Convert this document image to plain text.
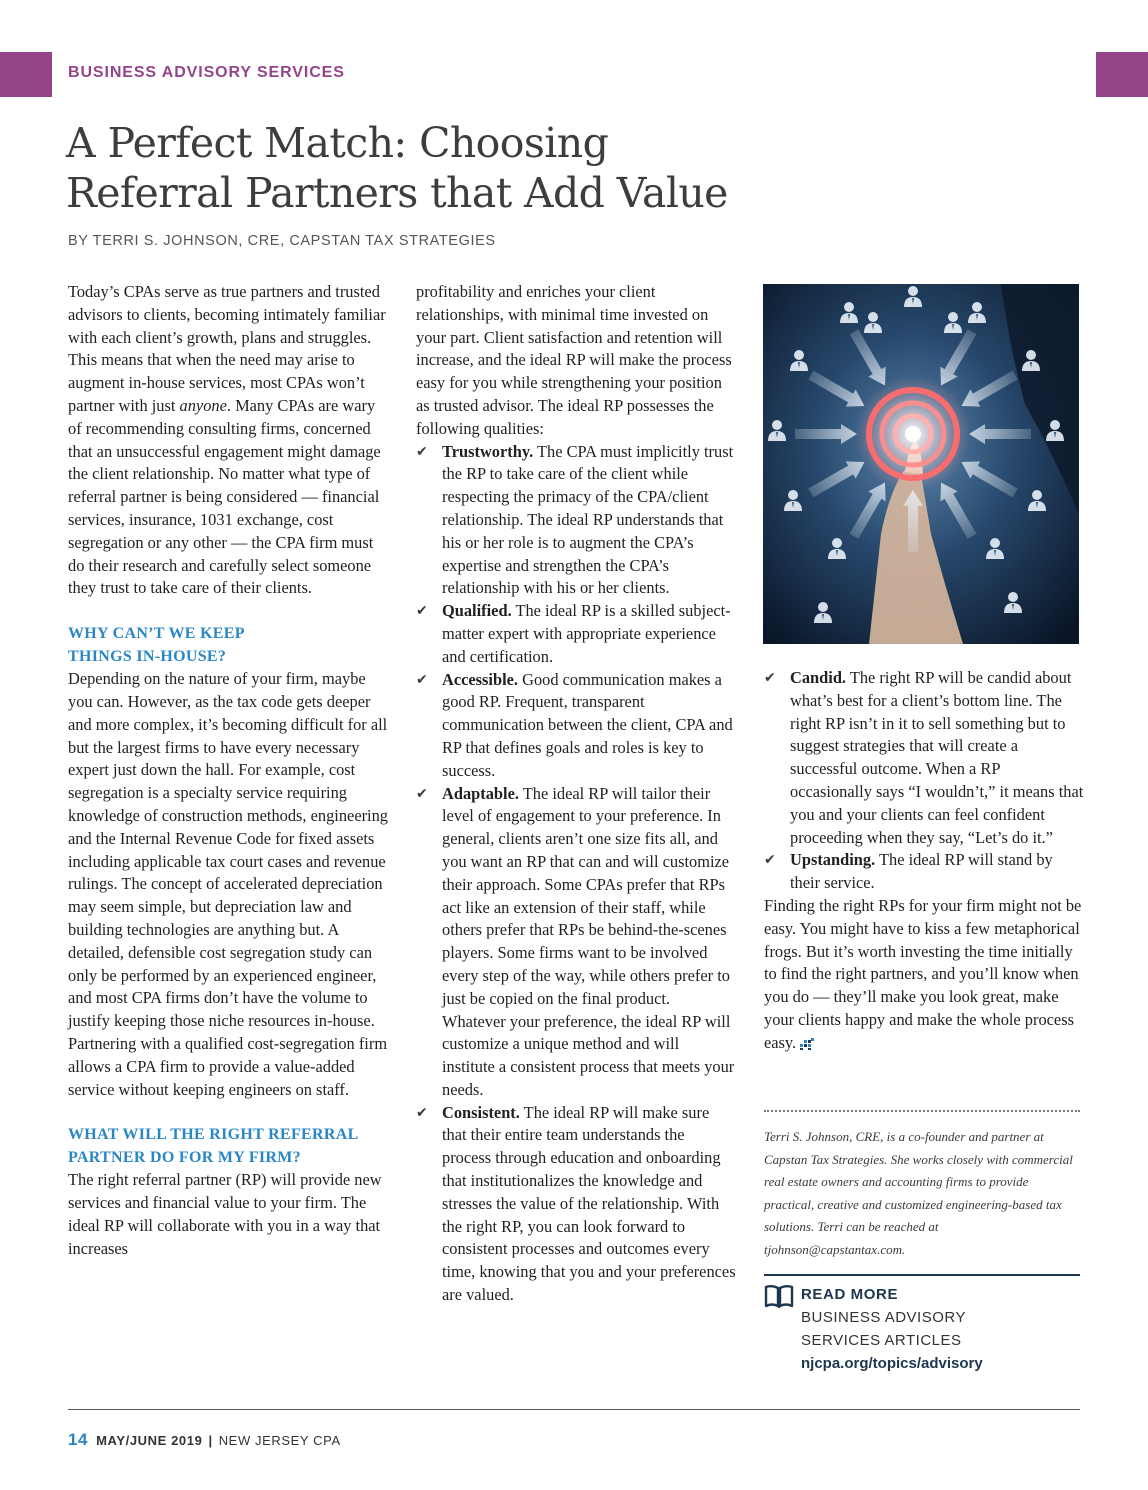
BUSINESS ADVISORY SERVICES
A Perfect Match: Choosing
Referral Partners that Add Value
BY TERRI S. JOHNSON, CRE, CAPSTAN TAX STRATEGIES

Today’s CPAs serve as true partners and trusted advisors to clients, becoming intimately familiar with each client’s growth, plans and struggles. This means that when the need may arise to augment in-house services, most CPAs won’t partner with just anyone. Many CPAs are wary of recommending consulting firms, concerned that an unsuccessful engagement might damage the client relationship. No matter what type of referral partner is being considered — financial services, insurance, 1031 exchange, cost segregation or any other — the CPA firm must do their research and carefully select someone they trust to take care of their clients.

WHY CAN’T WE KEEP
THINGS IN-HOUSE?

Depending on the nature of your firm, maybe you can. However, as the tax code gets deeper and more complex, it’s becoming difficult for all but the largest firms to have every necessary expert just down the hall. For example, cost segregation is a specialty service requiring knowledge of construction methods, engineering and the Internal Revenue Code for fixed assets including applicable tax court cases and revenue rulings. The concept of accelerated depreciation may seem simple, but depreciation law and building technologies are anything but. A detailed, defensible cost segregation study can only be performed by an experienced engineer, and most CPA firms don’t have the volume to justify keeping those niche resources in-house. Partnering with a qualified cost-segregation firm allows a CPA firm to provide a value-added service without keeping engineers on staff.

WHAT WILL THE RIGHT REFERRAL
PARTNER DO FOR MY FIRM?

The right referral partner (RP) will provide new services and financial value to your firm. The ideal RP will collaborate with you in a way that increases

profitability and enriches your client relationships, with minimal time invested on your part. Client satisfaction and retention will increase, and the ideal RP will make the process easy for you while strengthening your position as trusted advisor. The ideal RP possesses the following qualities:

✔ Trustworthy. The CPA must implicitly trust the RP to take care of the client while respecting the primacy of the CPA/client relationship. The ideal RP understands that his or her role is to augment the CPA’s expertise and strengthen the CPA’s relationship with his or her clients.
✔ Qualified. The ideal RP is a skilled subject-matter expert with appropriate experience and certification.
✔ Accessible. Good communication makes a good RP. Frequent, transparent communication between the client, CPA and RP that defines goals and roles is key to success.
✔ Adaptable. The ideal RP will tailor their level of engagement to your preference. In general, clients aren’t one size fits all, and you want an RP that can and will customize their approach. Some CPAs prefer that RPs act like an extension of their staff, while others prefer that RPs be behind-the-scenes players. Some firms want to be involved every step of the way, while others prefer to just be copied on the final product. Whatever your preference, the ideal RP will customize a unique method and will institute a consistent process that meets your needs.
✔ Consistent. The ideal RP will make sure that their entire team understands the process through education and onboarding that institutionalizes the knowledge and stresses the value of the relationship. With the right RP, you can look forward to consistent processes and outcomes every time, knowing that you and your preferences are valued.
✔ Candid. The right RP will be candid about what’s best for a client’s bottom line. The right RP isn’t in it to sell something but to suggest strategies that will create a successful outcome. When a RP occasionally says “I wouldn’t,” it means that you and your clients can feel confident proceeding when they say, “Let’s do it.”
✔ Upstanding. The ideal RP will stand by their service.

Finding the right RPs for your firm might not be easy. You might have to kiss a few metaphorical frogs. But it’s worth investing the time initially to find the right partners, and you’ll know when you do — they’ll make you look great, make your clients happy and make the whole process easy.

Terri S. Johnson, CRE, is a co-founder and partner at Capstan Tax Strategies. She works closely with commercial real estate owners and accounting firms to provide practical, creative and customized engineering-based tax solutions. Terri can be reached at tjohnson@capstantax.com.
READ MORE
BUSINESS ADVISORY
SERVICES ARTICLES
njcpa.org/topics/advisory
14 MAY/JUNE 2019 | NEW JERSEY CPA
